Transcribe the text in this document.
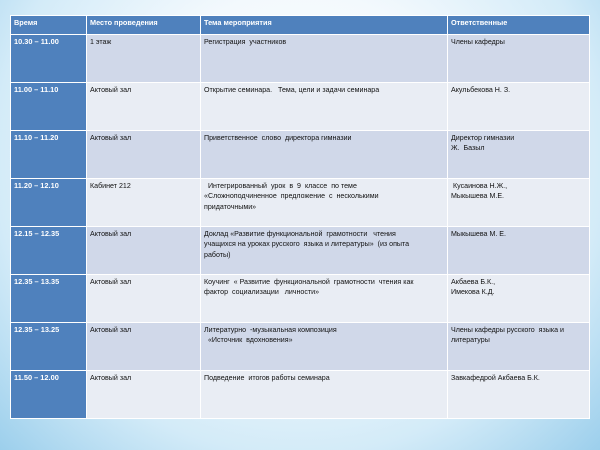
Время	Место проведения	Тема мероприятия	Ответственные
10.30 – 11.00	1 этаж	Регистрация  участников	Члены кафедры

11.00 – 11.10	Актовый зал	Открытие семинара.   Тема, цели и задачи семинара	Акульбекова Н. З.

11.10 – 11.20	Актовый зал	Приветственное  слово  директора гимназии	Директор гимназии
Ж.  Базыл

11.20 – 12.10	Кабинет 212	Интегрированный  урок  в  9  классе  по теме
«Сложноподчиненное  предложение  с  несколькими
придаточными»	Кусаинова Н.Ж.,
Мыкышева М.Е.

12.15 – 12.35	Актовый зал	Доклад «Развитие функциональной  грамотности   чтения
учащихся на уроках русского  языка и литературы»  (из опыта
работы)	Мыкышева М. Е.

12.35 – 13.35	Актовый зал	Коучинг  « Развитие  функциональной  грамотности  чтения как
фактор  социализации   личности»	Акбаева Б.К.,
Имекова К.Д.

12.35 – 13.25	Актовый зал	Литературно  -музыкальная композиция
«Источник  вдохновения»	Члены кафедры русского  языка и
литературы

11.50 – 12.00	Актовый зал	Подведение  итогов работы семинара	Завкафедрой Акбаева Б.К.
